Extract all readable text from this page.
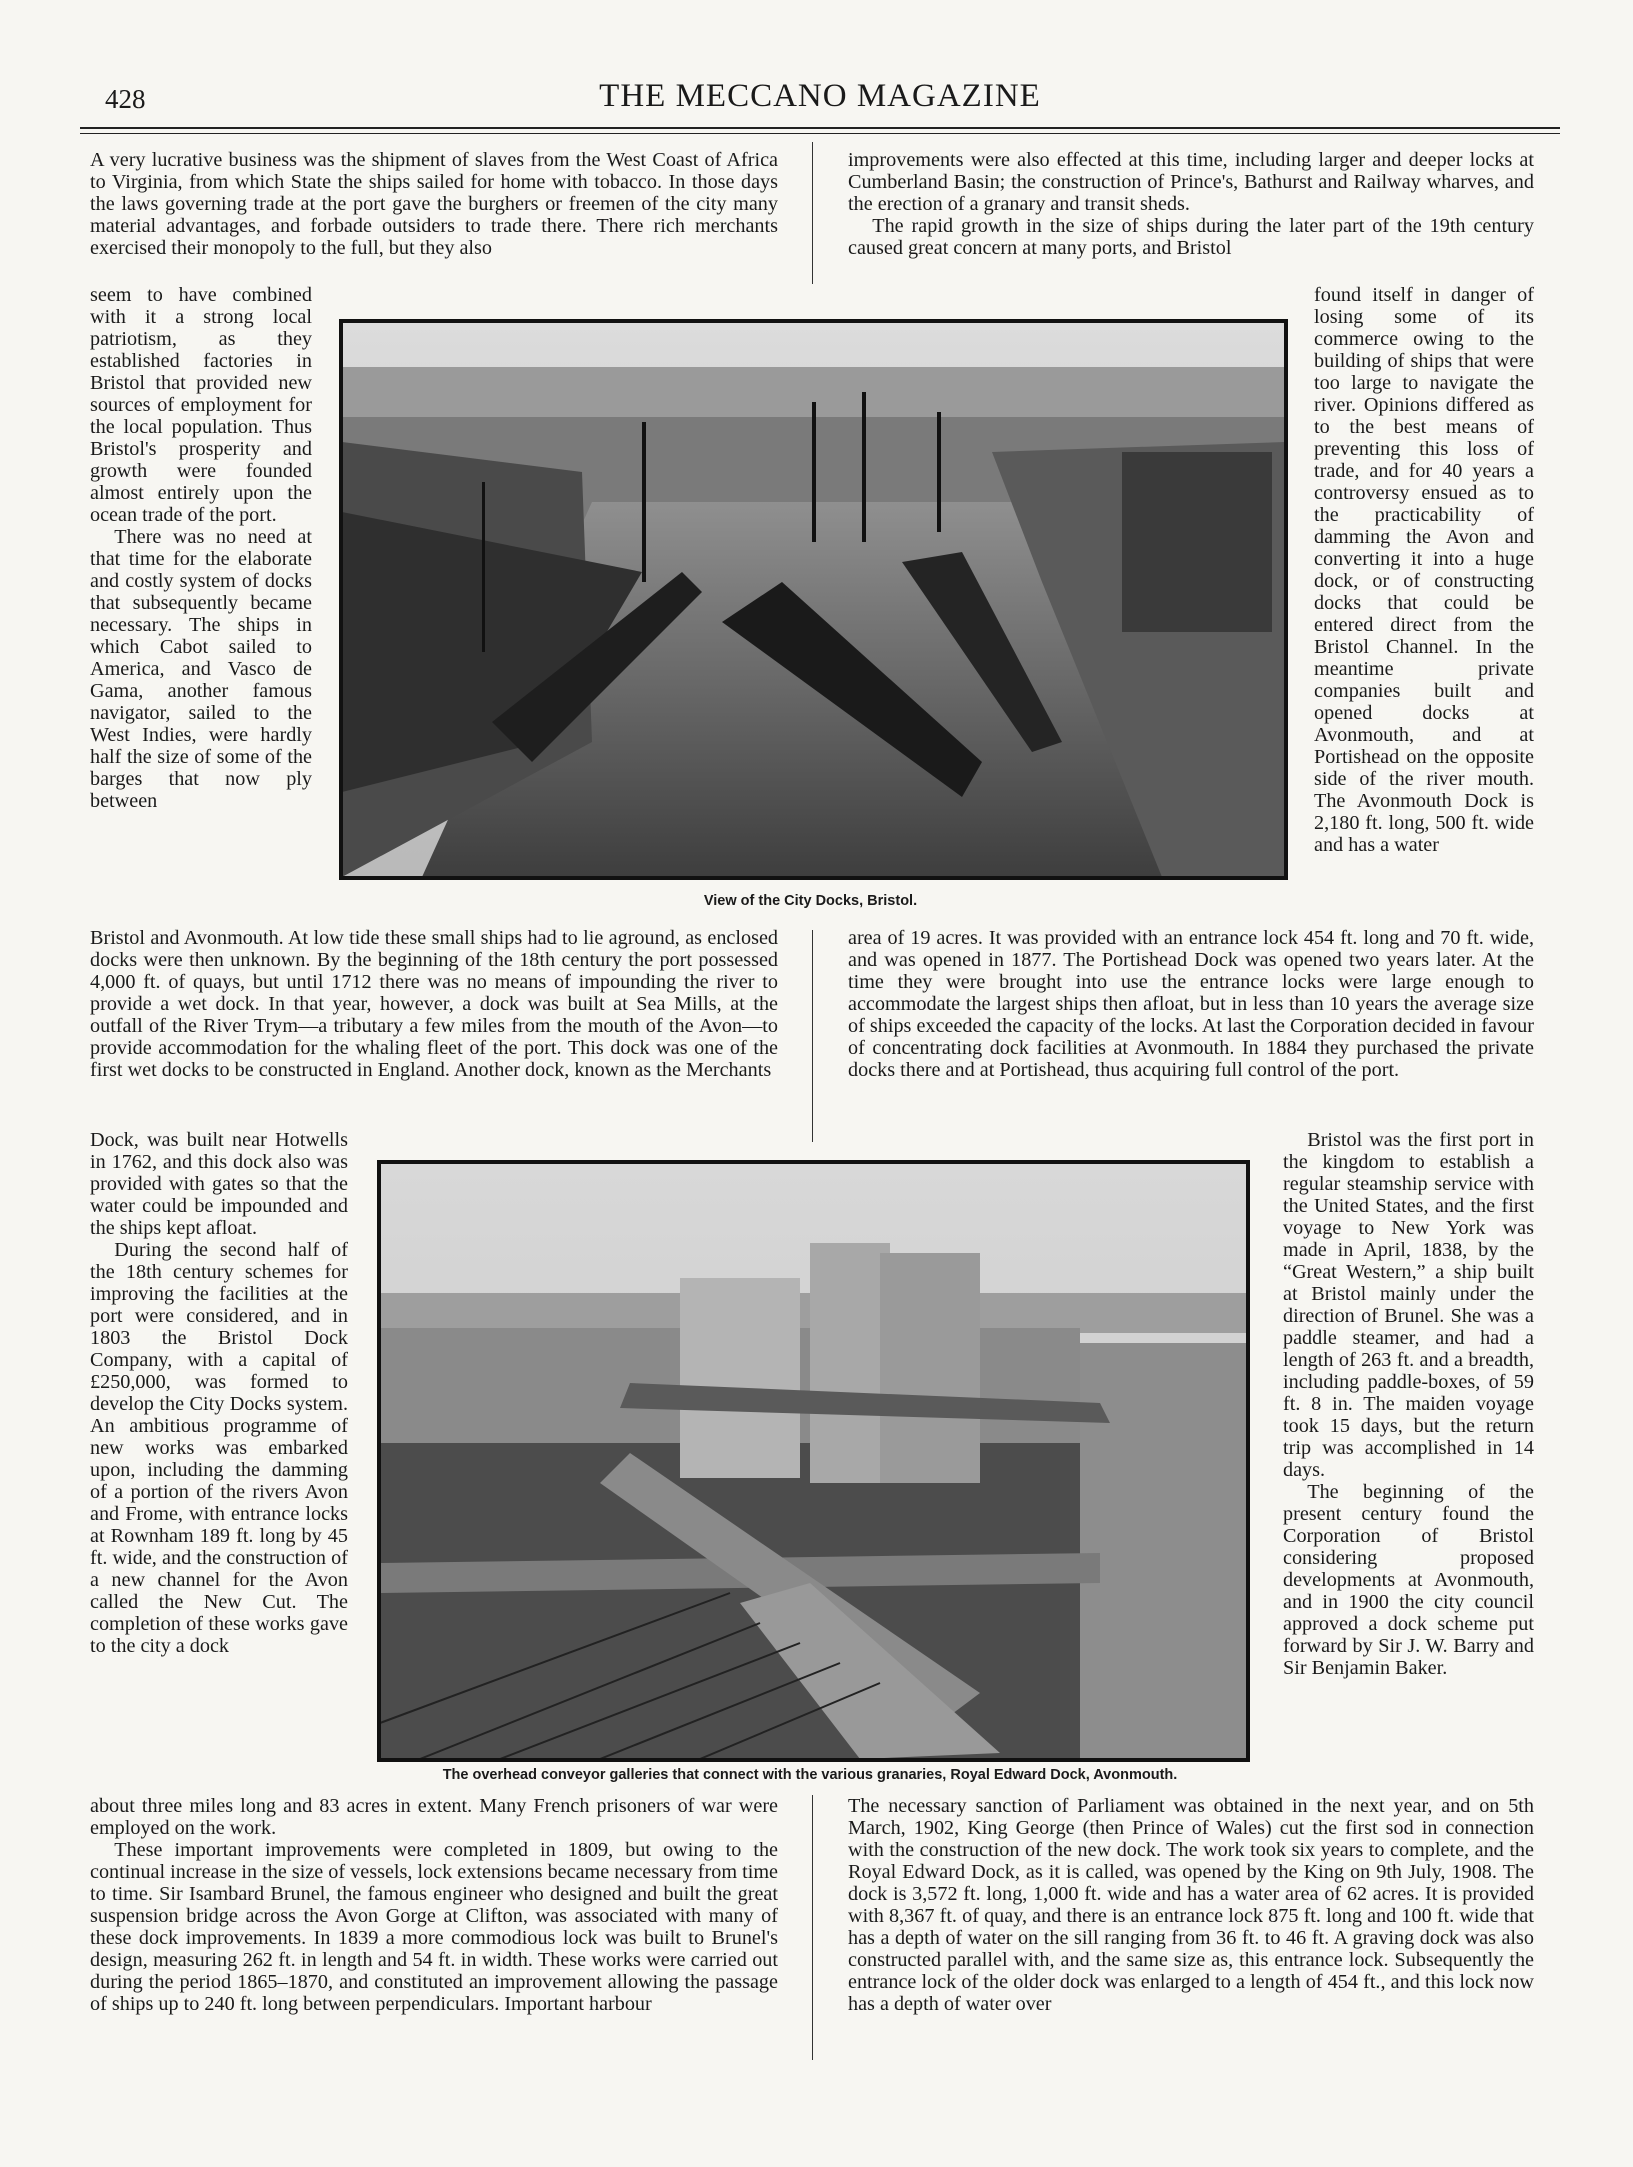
428	THE MECCANO MAGAZINE

A very lucrative business was the shipment of slaves from the West Coast of Africa to Virginia, from which State the ships sailed for home with tobacco. In those days the laws governing trade at the port gave the burghers or freemen of the city many material advantages, and forbade outsiders to trade there. There rich merchants exercised their monopoly to the full, but they also

seem to have combined with it a strong local patriotism, as they established factories in Bristol that provided new sources of employment for the local population. Thus Bristol's prosperity and growth were founded almost entirely upon the ocean trade of the port.

There was no need at that time for the elaborate and costly system of docks that subsequently became necessary. The ships in which Cabot sailed to America, and Vasco de Gama, another famous navigator, sailed to the West Indies, were hardly half the size of some of the barges that now ply between

Bristol and Avonmouth. At low tide these small ships had to lie aground, as enclosed docks were then unknown. By the beginning of the 18th century the port possessed 4,000 ft. of quays, but until 1712 there was no means of impounding the river to provide a wet dock. In that year, however, a dock was built at Sea Mills, at the outfall of the River Trym—a tributary a few miles from the mouth of the Avon—to provide accommodation for the whaling fleet of the port. This dock was one of the first wet docks to be constructed in England. Another dock, known as the Merchants

Dock, was built near Hotwells in 1762, and this dock also was provided with gates so that the water could be impounded and the ships kept afloat.

During the second half of the 18th century schemes for improving the facilities at the port were considered, and in 1803 the Bristol Dock Company, with a capital of £250,000, was formed to develop the City Docks system. An ambitious programme of new works was embarked upon, including the damming of a portion of the rivers Avon and Frome, with entrance locks at Rownham 189 ft. long by 45 ft. wide, and the construction of a new channel for the Avon called the New Cut. The completion of these works gave to the city a dock

about three miles long and 83 acres in extent. Many French prisoners of war were employed on the work.

These important improvements were completed in 1809, but owing to the continual increase in the size of vessels, lock extensions became necessary from time to time. Sir Isambard Brunel, the famous engineer who designed and built the great suspension bridge across the Avon Gorge at Clifton, was associated with many of these dock improvements. In 1839 a more commodious lock was built to Brunel's design, measuring 262 ft. in length and 54 ft. in width. These works were carried out during the period 1865–1870, and constituted an improvement allowing the passage of ships up to 240 ft. long between perpendiculars. Important harbour

improvements were also effected at this time, including larger and deeper locks at Cumberland Basin; the construction of Prince's, Bathurst and Railway wharves, and the erection of a granary and transit sheds.

The rapid growth in the size of ships during the later part of the 19th century caused great concern at many ports, and Bristol

found itself in danger of losing some of its commerce owing to the building of ships that were too large to navigate the river. Opinions differed as to the best means of preventing this loss of trade, and for 40 years a controversy ensued as to the practicability of damming the Avon and converting it into a huge dock, or of constructing docks that could be entered direct from the Bristol Channel. In the meantime private companies built and opened docks at Avonmouth, and at Portishead on the opposite side of the river mouth. The Avonmouth Dock is 2,180 ft. long, 500 ft. wide and has a water

area of 19 acres. It was provided with an entrance lock 454 ft. long and 70 ft. wide, and was opened in 1877. The Portishead Dock was opened two years later. At the time they were brought into use the entrance locks were large enough to accommodate the largest ships then afloat, but in less than 10 years the average size of ships exceeded the capacity of the locks. At last the Corporation decided in favour of concentrating dock facilities at Avonmouth. In 1884 they purchased the private docks there and at Portishead, thus acquiring full control of the port.

Bristol was the first port in the kingdom to establish a regular steamship service with the United States, and the first voyage to New York was made in April, 1838, by the “Great Western,” a ship built at Bristol mainly under the direction of Brunel. She was a paddle steamer, and had a length of 263 ft. and a breadth, including paddle-boxes, of 59 ft. 8 in. The maiden voyage took 15 days, but the return trip was accomplished in 14 days.

The beginning of the present century found the Corporation of Bristol considering proposed developments at Avonmouth, and in 1900 the city council approved a dock scheme put forward by Sir J. W. Barry and Sir Benjamin Baker.

The necessary sanction of Parliament was obtained in the next year, and on 5th March, 1902, King George (then Prince of Wales) cut the first sod in connection with the construction of the new dock. The work took six years to complete, and the Royal Edward Dock, as it is called, was opened by the King on 9th July, 1908. The dock is 3,572 ft. long, 1,000 ft. wide and has a water area of 62 acres. It is provided with 8,367 ft. of quay, and there is an entrance lock 875 ft. long and 100 ft. wide that has a depth of water on the sill ranging from 36 ft. to 46 ft. A graving dock was also constructed parallel with, and the same size as, this entrance lock. Subsequently the entrance lock of the older dock was enlarged to a length of 454 ft., and this lock now has a depth of water over

View of the City Docks, Bristol.
The overhead conveyor galleries that connect with the various granaries, Royal Edward Dock, Avonmouth.
